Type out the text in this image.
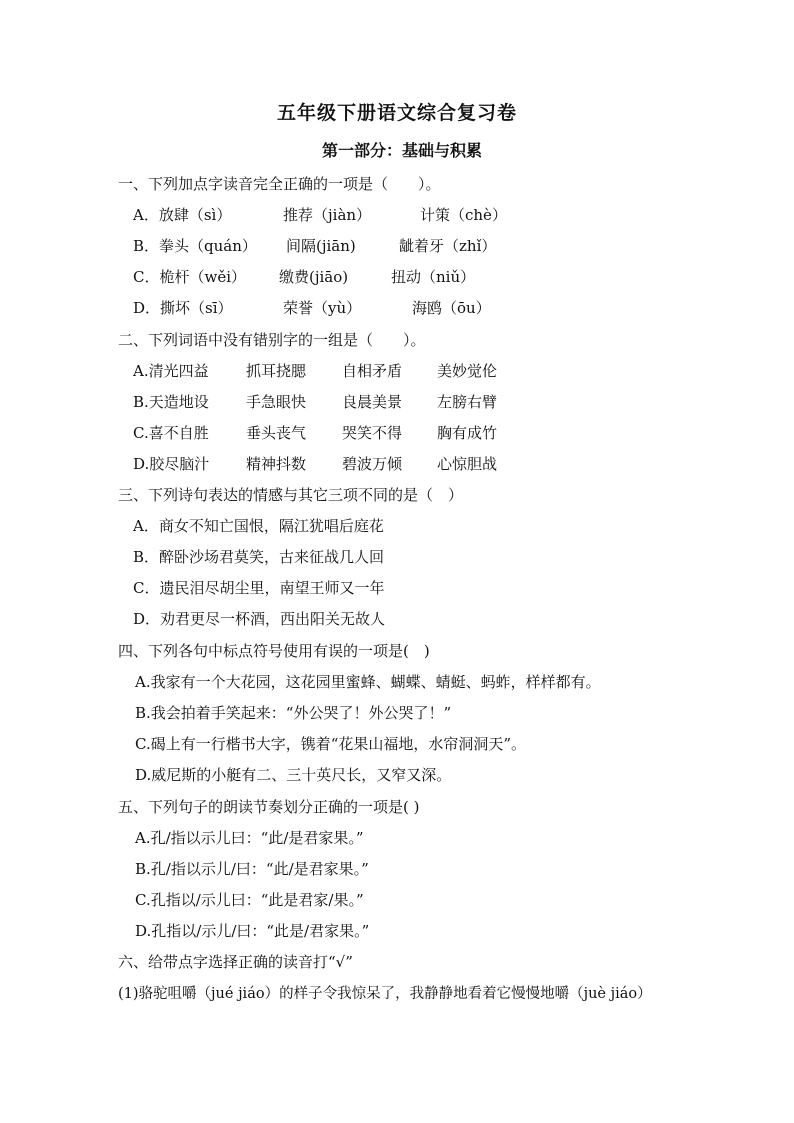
五年级下册语文综合复习卷
第一部分：基础与积累
一、下列加点字读音完全正确的一项是（　　）。
A．放肆（sì）	推荐（jiàn）	计策（chè）
B．拳头（quán） 间隔(jiān)	龇着牙（zhǐ）
C．桅杆（wěi） 缴费(jiāo)	扭动（niǔ）
D．撕坏（sī）	荣誉（yù）	海鸥（ōu）
二、下列词语中没有错别字的一组是（　　）。
A.清光四益 抓耳挠腮 自相矛盾 美妙觉伦
B.天造地设 手急眼快 良晨美景 左膀右臂
C.喜不自胜 垂头丧气 哭笑不得 胸有成竹
D.胶尽脑汁 精神抖数 碧波万倾 心惊胆战
三、下列诗句表达的情感与其它三项不同的是（　）
A．商女不知亡国恨，隔江犹唱后庭花
B．醉卧沙场君莫笑，古来征战几人回
C．遗民泪尽胡尘里，南望王师又一年
D．劝君更尽一杯酒，西出阳关无故人
四、下列各句中标点符号使用有误的一项是(　)
A.我家有一个大花园，这花园里蜜蜂、蝴蝶、蜻蜓、蚂蚱，样样都有。
B.我会拍着手笑起来：“外公哭了！外公哭了！”
C.碣上有一行楷书大字，镌着“花果山福地，水帘洞洞天”。
D.威尼斯的小艇有二、三十英尺长，又窄又深。
五、下列句子的朗读节奏划分正确的一项是( )
A.孔/指以示儿曰：“此/是君家果。”
B.孔/指以示儿/曰：“此/是君家果。”
C.孔指以/示儿曰：“此是君家/果。”
D.孔指以/示儿/曰：“此是/君家果。”
六、给带点字选择正确的读音打“√”
(1)骆驼咀嚼（jué jiáo）的样子令我惊呆了，我静静地看着它慢慢地嚼（juè jiáo）
